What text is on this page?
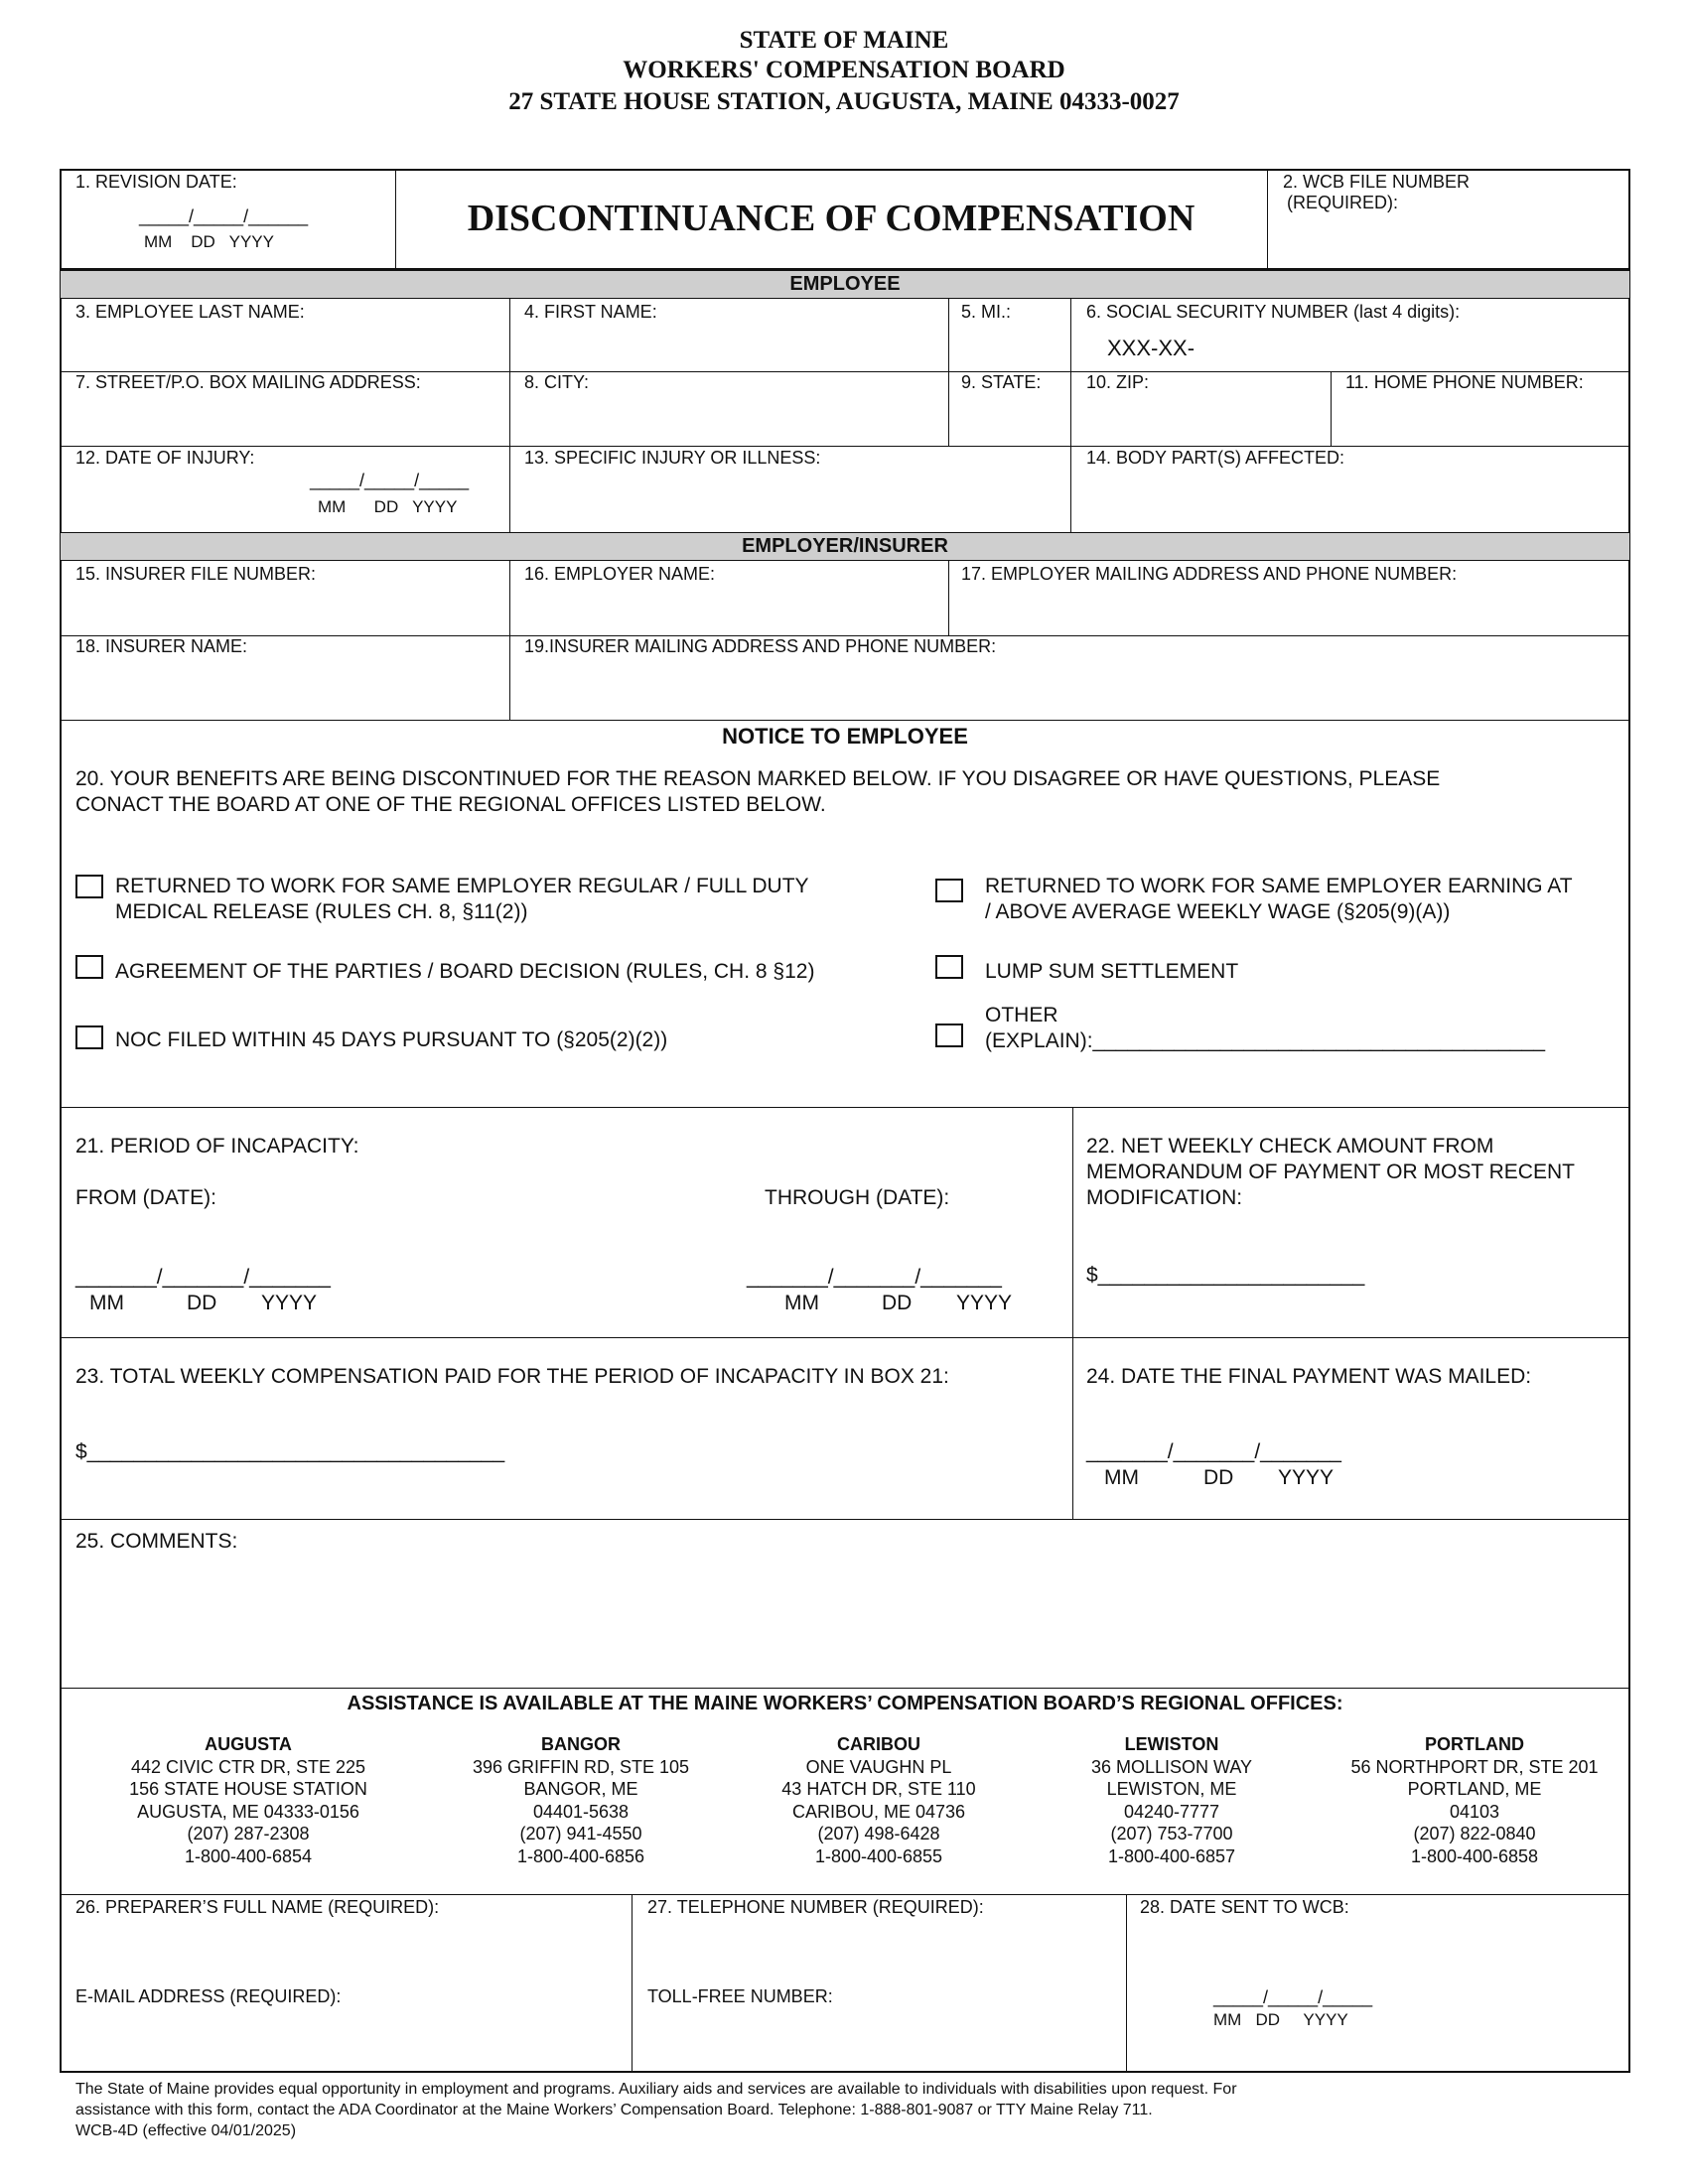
STATE OF MAINE
WORKERS' COMPENSATION BOARD
27 STATE HOUSE STATION, AUGUSTA, MAINE 04333-0027
1. REVISION DATE:
_____/_____/______
MM    DD   YYYY
DISCONTINUANCE OF COMPENSATION
2. WCB FILE NUMBER
(REQUIRED):
EMPLOYEE
3. EMPLOYEE LAST NAME:	4. FIRST NAME:	5. MI.:	6. SOCIAL SECURITY NUMBER (last 4 digits):
XXX-XX-
7. STREET/P.O. BOX MAILING ADDRESS:	8. CITY:	9. STATE:	10. ZIP:	11. HOME PHONE NUMBER:
12. DATE OF INJURY:
_____/_____/_____
MM      DD   YYYY
13. SPECIFIC INJURY OR ILLNESS:	14. BODY PART(S) AFFECTED:
EMPLOYER/INSURER
15. INSURER FILE NUMBER:	16. EMPLOYER NAME:	17. EMPLOYER MAILING ADDRESS AND PHONE NUMBER:
18. INSURER NAME:	19.INSURER MAILING ADDRESS AND PHONE NUMBER:
NOTICE TO EMPLOYEE
20. YOUR BENEFITS ARE BEING DISCONTINUED FOR THE REASON MARKED BELOW. IF YOU DISAGREE OR HAVE QUESTIONS, PLEASE
CONACT THE BOARD AT ONE OF THE REGIONAL OFFICES LISTED BELOW.
RETURNED TO WORK FOR SAME EMPLOYER REGULAR / FULL DUTY
MEDICAL RELEASE (RULES CH. 8, §11(2))
RETURNED TO WORK FOR SAME EMPLOYER EARNING AT
/ ABOVE AVERAGE WEEKLY WAGE (§205(9)(A))
AGREEMENT OF THE PARTIES / BOARD DECISION (RULES, CH. 8 §12)	LUMP SUM SETTLEMENT
NOC FILED WITHIN 45 DAYS PURSUANT TO (§205(2)(2))
OTHER
(EXPLAIN):_______________________________________
21. PERIOD OF INCAPACITY:
FROM (DATE):	THROUGH (DATE):
_______/_______/_______
MM	DD YYYY
_______/_______/_______
MM	DD YYYY
22. NET WEEKLY CHECK AMOUNT FROM
MEMORANDUM OF PAYMENT OR MOST RECENT
MODIFICATION:
$_______________________
23. TOTAL WEEKLY COMPENSATION PAID FOR THE PERIOD OF INCAPACITY IN BOX 21:
$____________________________________
24. DATE THE FINAL PAYMENT WAS MAILED:
_______/_______/_______
MM	DD YYYY
25. COMMENTS:
ASSISTANCE IS AVAILABLE AT THE MAINE WORKERS’ COMPENSATION BOARD’S REGIONAL OFFICES:
AUGUSTA
442 CIVIC CTR DR, STE 225
156 STATE HOUSE STATION
AUGUSTA, ME 04333-0156
(207) 287-2308
1-800-400-6854
BANGOR
396 GRIFFIN RD, STE 105
BANGOR, ME
04401-5638
(207) 941-4550
1-800-400-6856
CARIBOU
ONE VAUGHN PL
43 HATCH DR, STE 110
CARIBOU, ME 04736
(207) 498-6428
1-800-400-6855
LEWISTON
36 MOLLISON WAY
LEWISTON, ME
04240-7777
(207) 753-7700
1-800-400-6857
PORTLAND
56 NORTHPORT DR, STE 201
PORTLAND, ME
04103
(207) 822-0840
1-800-400-6858
26. PREPARER’S FULL NAME (REQUIRED):
E-MAIL ADDRESS (REQUIRED):
27. TELEPHONE NUMBER (REQUIRED):
TOLL-FREE NUMBER:
28. DATE SENT TO WCB:
_____/_____/_____
MM   DD     YYYY
The State of Maine provides equal opportunity in employment and programs. Auxiliary aids and services are available to individuals with disabilities upon request. For
assistance with this form, contact the ADA Coordinator at the Maine Workers’ Compensation Board. Telephone: 1-888-801-9087 or TTY Maine Relay 711.
WCB-4D (effective 04/01/2025)
